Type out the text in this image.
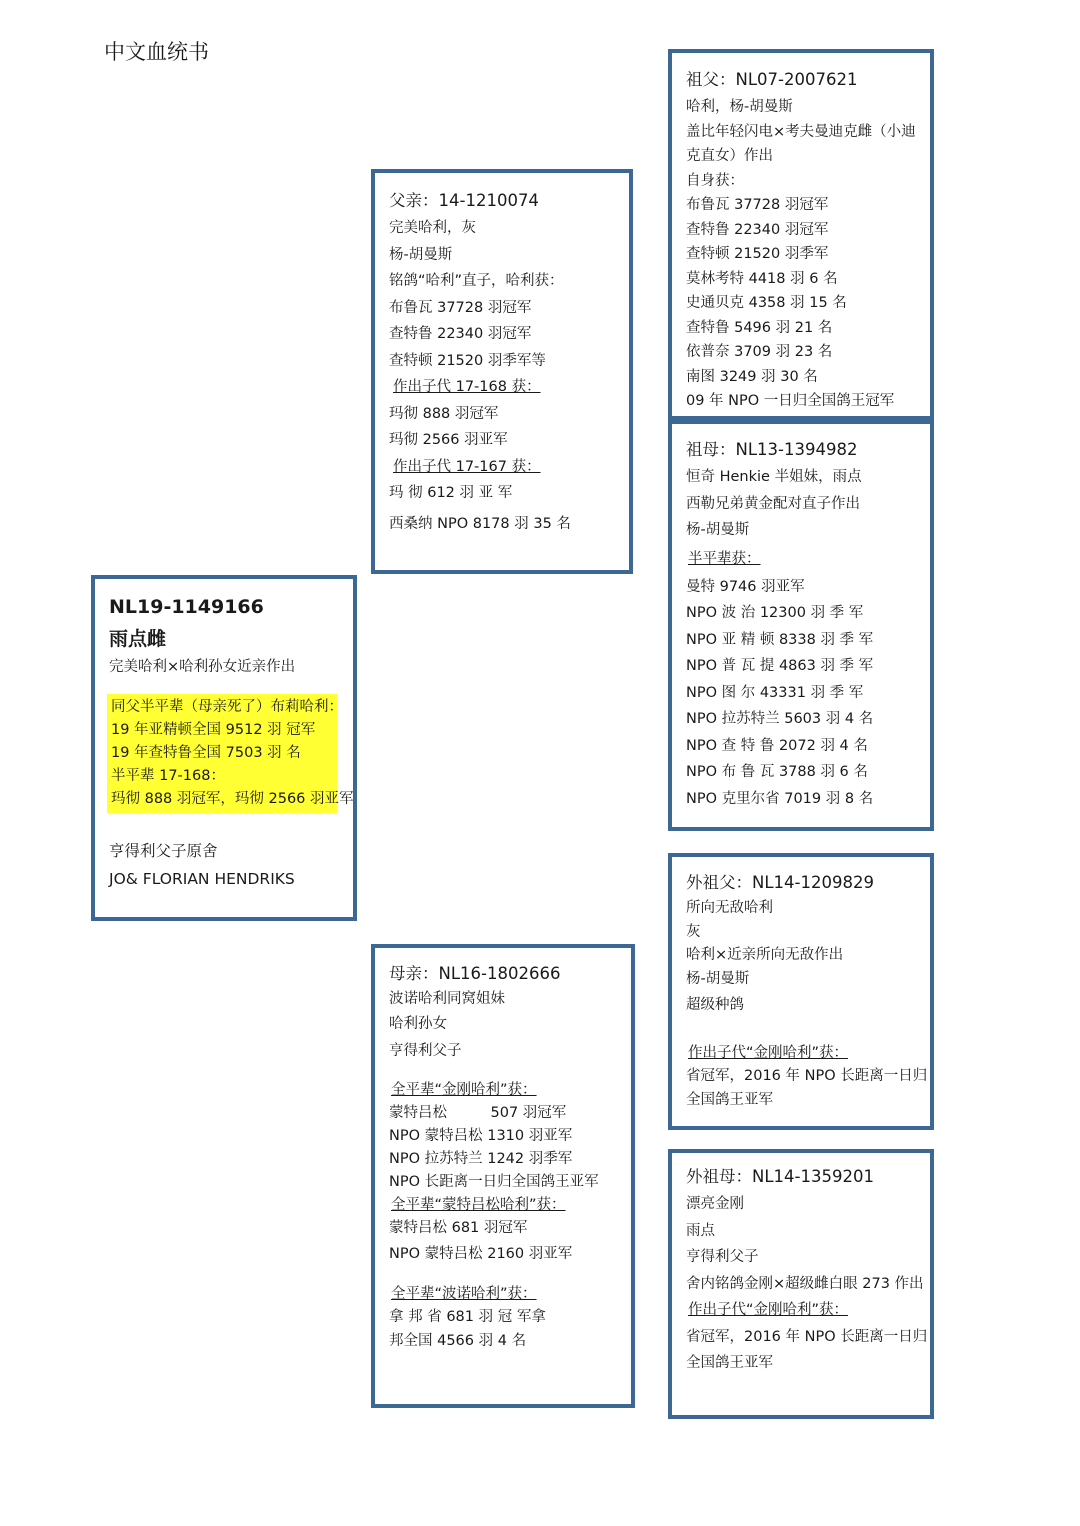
中文血统书
NL19-1149166
雨点雌
完美哈利×哈利孙女近亲作出
同父半平辈（母亲死了）布莉哈利：
19 年亚精顿全国 9512 羽 冠军
19 年查特鲁全国 7503 羽 名
半平辈 17-168：
玛彻 888 羽冠军，玛彻 2566 羽亚军
亨得利父子原舍
JO& FLORIAN HENDRIKS
父亲：14-1210074
完美哈利，灰
杨-胡曼斯
铭鸽“哈利”直子，哈利获：
布鲁瓦 37728 羽冠军
查特鲁 22340 羽冠军
查特顿 21520 羽季军等
作出子代 17-168 获：
玛彻 888 羽冠军
玛彻 2566 羽亚军
作出子代 17-167 获：
玛 彻 612 羽 亚 军
西桑纳 NPO 8178 羽 35 名
母亲：NL16-1802666
波诺哈利同窝姐妹
哈利孙女
亨得利父子
全平辈“金刚哈利”获：
蒙特吕松　　　507 羽冠军
NPO 蒙特吕松 1310 羽亚军
NPO 拉苏特兰 1242 羽季军
NPO 长距离一日归全国鸽王亚军
全平辈“蒙特吕松哈利”获：
蒙特吕松 681 羽冠军
NPO 蒙特吕松 2160 羽亚军
全平辈“波诺哈利”获：
拿 邦 省 681 羽 冠 军拿
邦全国 4566 羽 4 名
祖父：NL07-2007621
哈利，杨-胡曼斯
盖比年轻闪电×考夫曼迪克雌（小迪
克直女）作出
自身获：
布鲁瓦 37728 羽冠军
查特鲁 22340 羽冠军
查特顿 21520 羽季军
莫林考特 4418 羽 6 名
史通贝克 4358 羽 15 名
查特鲁 5496 羽 21 名
依普奈 3709 羽 23 名
南图 3249 羽 30 名
09 年 NPO 一日归全国鸽王冠军
祖母：NL13-1394982
恒奇 Henkie 半姐妹，雨点
西勒兄弟黄金配对直子作出
杨-胡曼斯
半平辈获：
曼特 9746 羽亚军
NPO 波 治 12300 羽 季 军
NPO 亚 精 顿 8338 羽 季 军
NPO 普 瓦 提 4863 羽 季 军
NPO 图 尔 43331 羽 季 军
NPO 拉苏特兰 5603 羽 4 名
NPO 查 特 鲁 2072 羽 4 名
NPO 布 鲁 瓦 3788 羽 6 名
NPO 克里尔省 7019 羽 8 名
外祖父：NL14-1209829
所向无敌哈利
灰
哈利×近亲所向无敌作出
杨-胡曼斯
超级种鸽
作出子代“金刚哈利”获：
省冠军，2016 年 NPO 长距离一日归
全国鸽王亚军
外祖母：NL14-1359201
漂亮金刚
雨点
亨得利父子
舍内铭鸽金刚×超级雌白眼 273 作出
作出子代“金刚哈利”获：
省冠军，2016 年 NPO 长距离一日归
全国鸽王亚军
